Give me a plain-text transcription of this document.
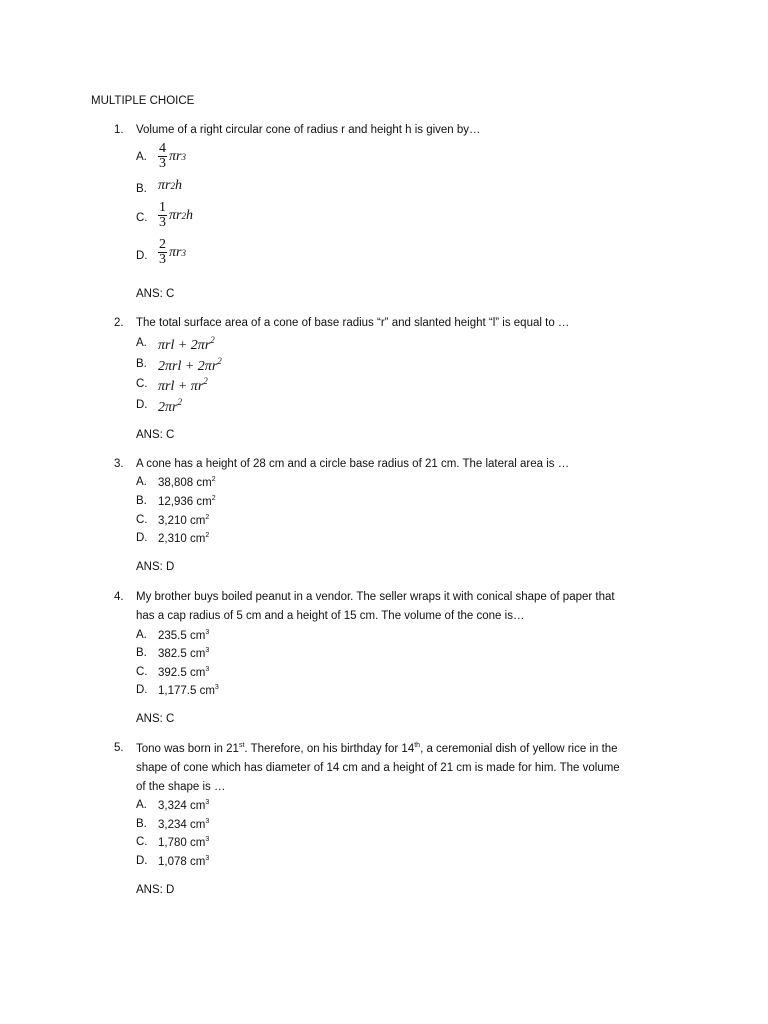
MULTIPLE CHOICE
1. Volume of a right circular cone of radius r and height h is given by…
A. $\frac{4}{3}$ πr 3
B. πr 2 h
C. $\frac{1}{3}$ πr 2 h
D. $\frac{2}{3}$ πr 3
ANS: C
2. The total surface area of a cone of base radius “r” and slanted height “l” is equal to …
A. $\pi rl + 2\pi r^2$
B. $2\pi rl + 2\pi r^2$
C. $\pi rl + \pi r^2$
D. $2\pi r^2$
ANS: C
3. A cone has a height of 28 cm and a circle base radius of 21 cm. The lateral area is …
A. 38,808 $cm^2$
B. 12,936 $cm^2$
C. 3,210 $cm^2$
D. 2,310 $cm^2$
ANS: D
4. My brother buys boiled peanut in a vendor. The seller wraps it with conical shape of paper that
has a cap radius of 5 cm and a height of 15 cm. The volume of the cone is…
A. 235.5 $cm^3$
B. 382.5 $cm^3$
C. 392.5 $cm^3$
D. 1,177.5 $cm^3$
ANS: C
5. Tono was born in 21st. Therefore, on his birthday for 14th, a ceremonial dish of yellow rice in the
shape of cone which has diameter of 14 cm and a height of 21 cm is made for him. The volume
of the shape is …
A. 3,324 $cm^3$
B. 3,234 $cm^3$
C. 1,780 $cm^3$
D. 1,078 $cm^3$
ANS: D
